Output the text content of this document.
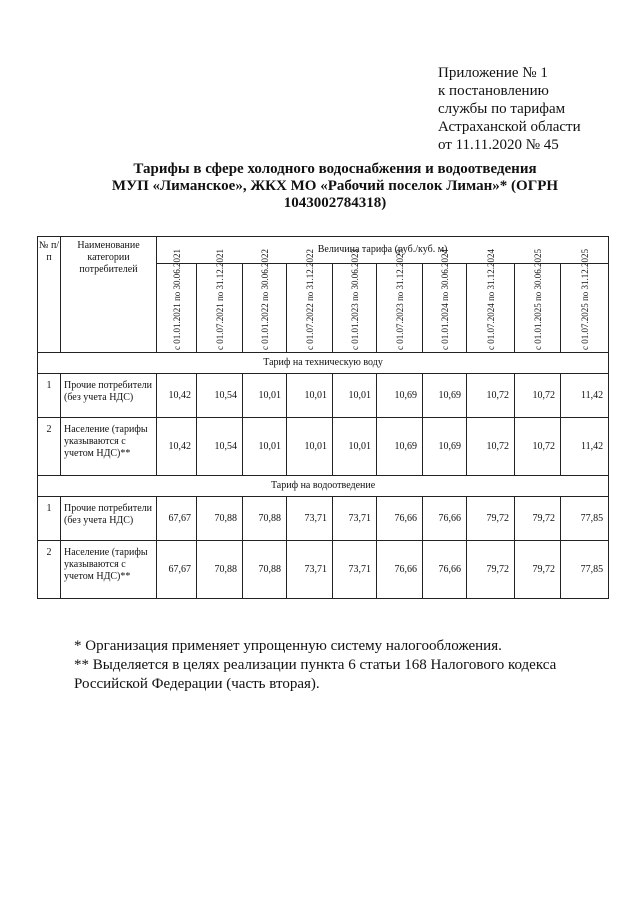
Приложение № 1
к постановлению
службы по тарифам
Астраханской области
от 11.11.2020 № 45
Тарифы в сфере холодного водоснабжения и водоотведения
МУП «Лиманское», ЖКХ МО «Рабочий поселок Лиман»* (ОГРН
1043002784318)
№ п/п	Наименование категории потребителей	Величина тарифа (руб./куб. м)									

		с 01.01.2021 по 30.06.2021	с 01.07.2021 по 31.12.2021	с 01.01.2022 по 30.06.2022	с 01.07.2022 по 31.12.2022	с 01.01.2023 по 30.06.2023	с 01.07.2023 по 31.12.2023	с 01.01.2024 по 30.06.2024	с 01.07.2024 по 31.12.2024	с 01.01.2025 по 30.06.2025	с 01.07.2025 по 31.12.2025

Тариф на техническую воду											
1	Прочие потребители (без учета НДС)	10,42	10,54	10,01	10,01	10,01	10,69	10,69	10,72	10,72	11,42
2	Население (тарифы указываются с учетом НДС)**	10,42	10,54	10,01	10,01	10,01	10,69	10,69	10,72	10,72	11,42
Тариф на водоотведение											
1	Прочие потребители (без учета НДС)	67,67	70,88	70,88	73,71	73,71	76,66	76,66	79,72	79,72	77,85
2	Население (тарифы указываются с учетом НДС)**	67,67	70,88	70,88	73,71	73,71	76,66	76,66	79,72	79,72	77,85
* Организация применяет упрощенную систему налогообложения.
** Выделяется в целях реализации пункта 6 статьи 168 Налогового кодекса Российской Федерации (часть вторая).
